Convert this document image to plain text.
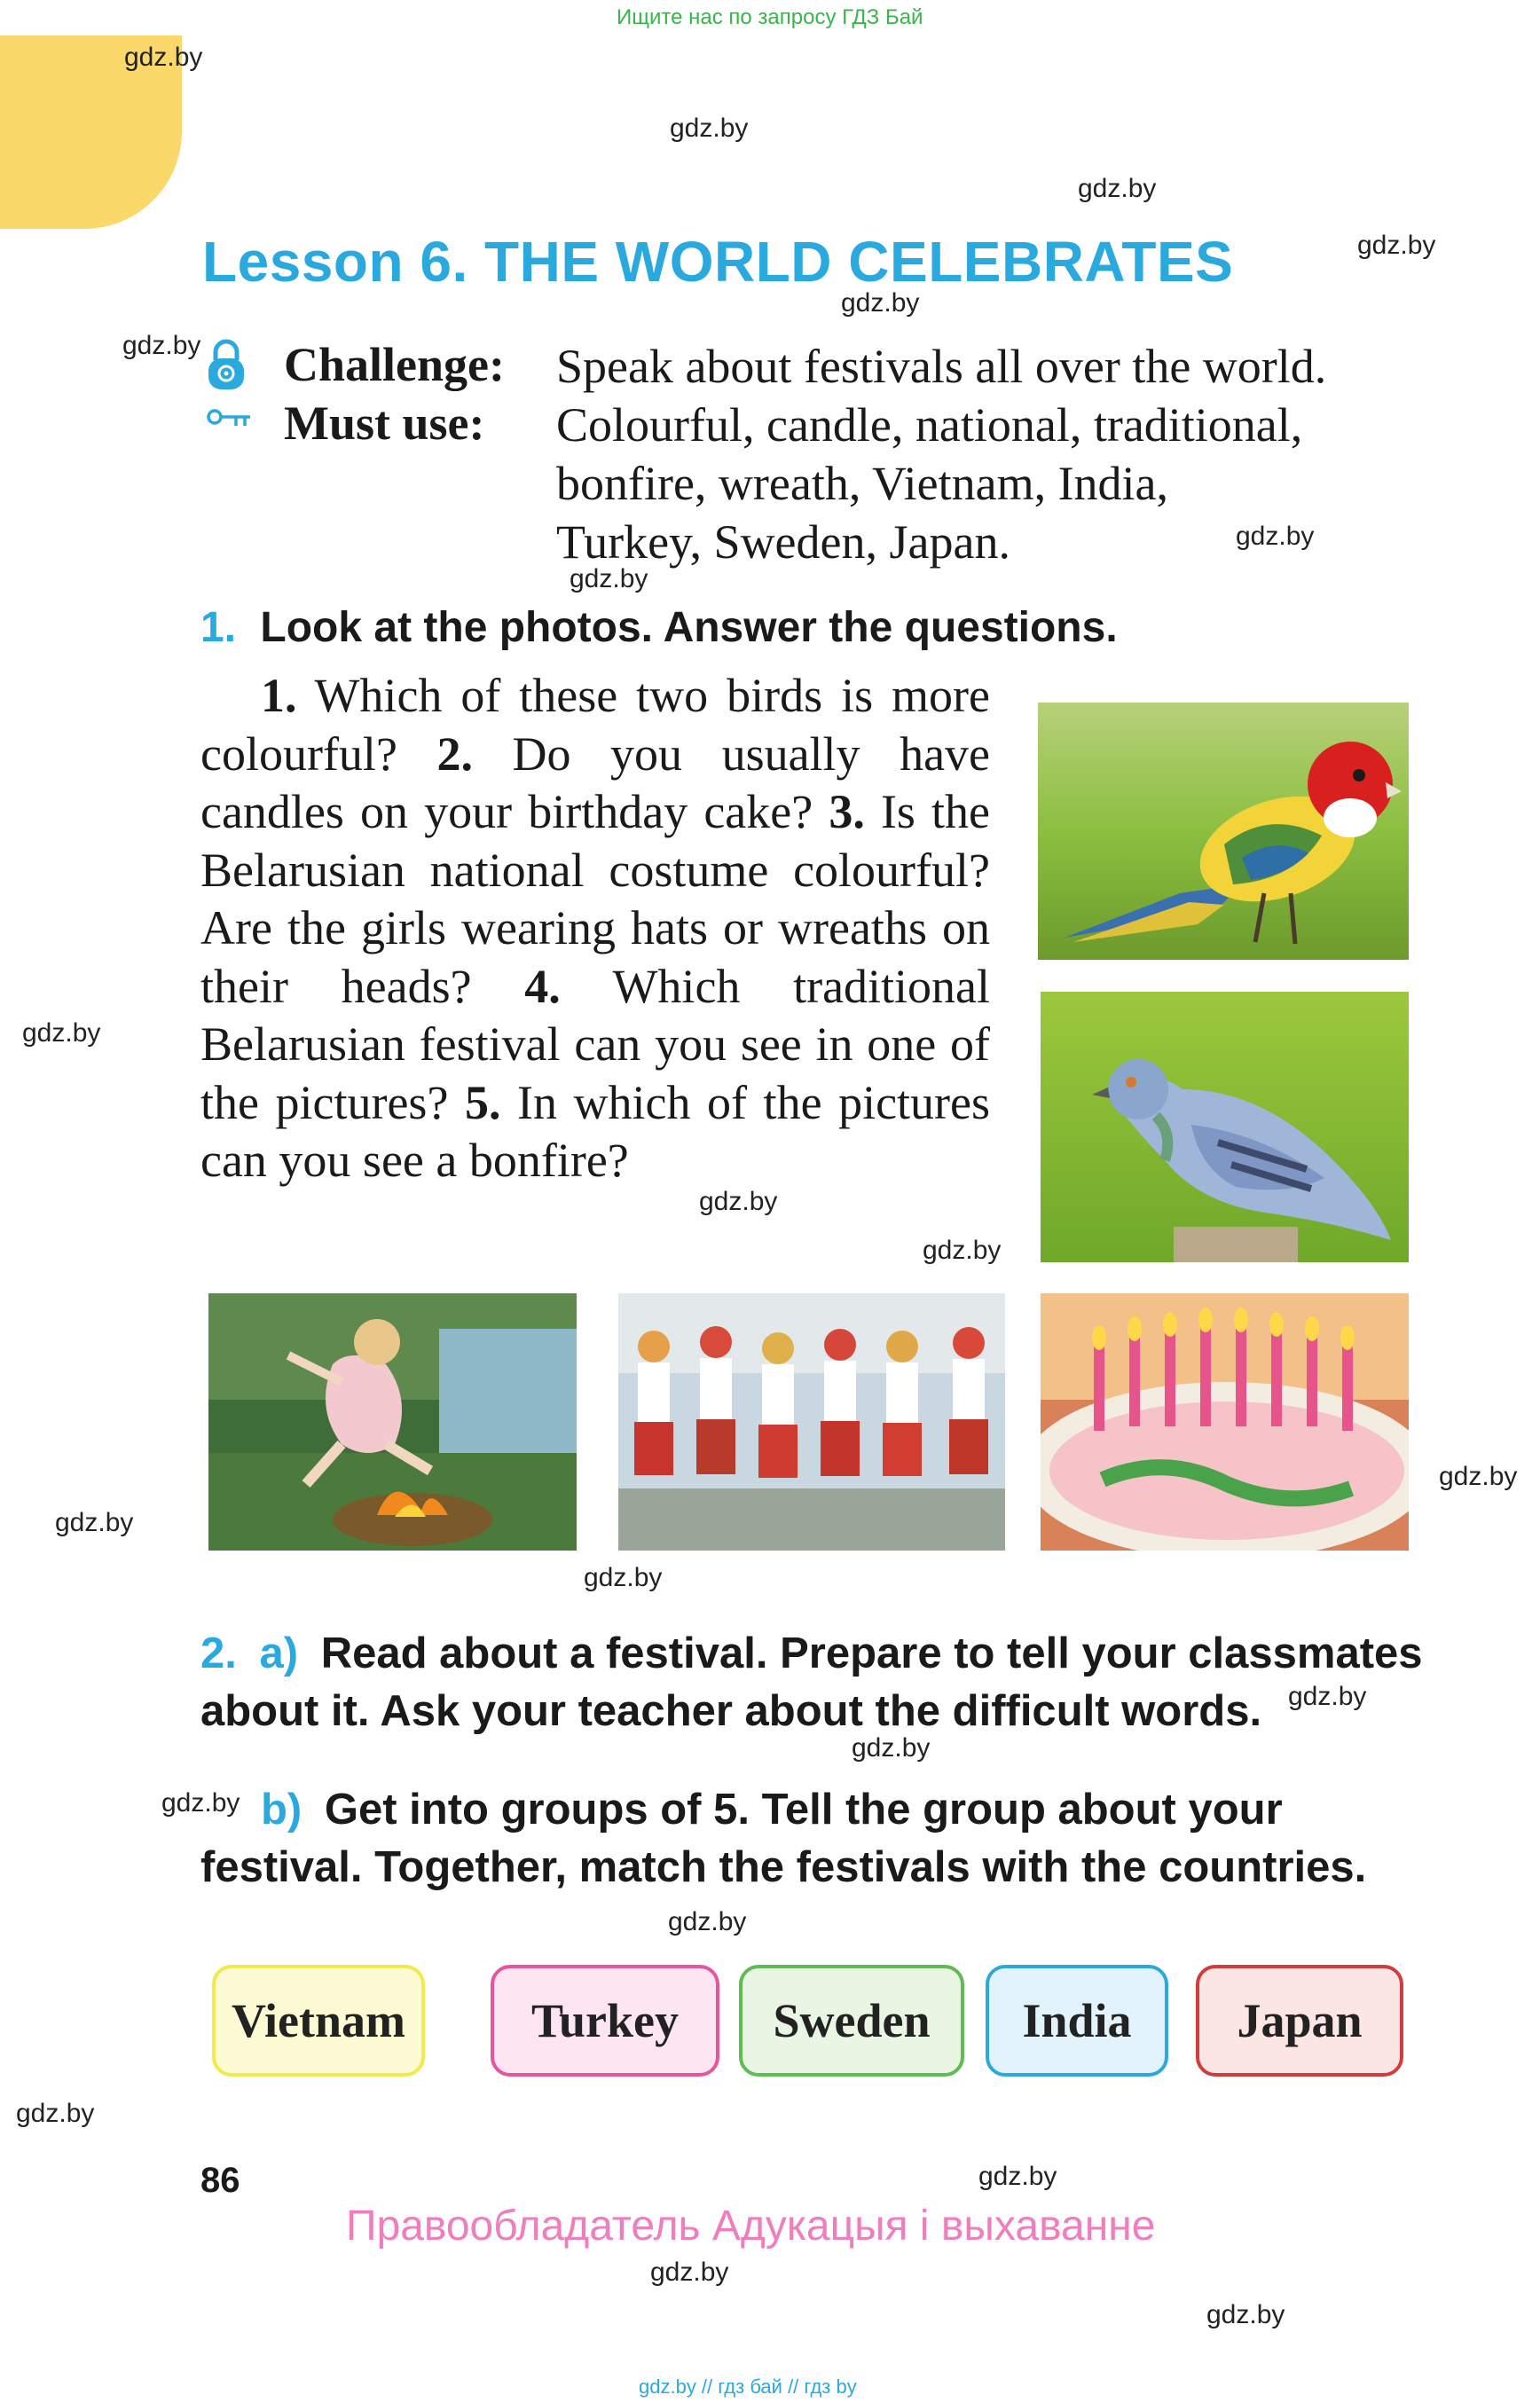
Ищите нас по запросу ГДЗ Бай
gdz.by
gdz.by
gdz.by
gdz.by
gdz.by
gdz.by
gdz.by
gdz.by
gdz.by
gdz.by
gdz.by
gdz.by
gdz.by
gdz.by
gdz.by
gdz.by
gdz.by
gdz.by
gdz.by
gdz.by
gdz.by
gdz.by
Lesson 6. THE WORLD CELEBRATES
Challenge: Speak about festivals all over the world.
Must use: Colourful, candle, national, traditional,
bonfire, wreath, Vietnam, India,
Turkey, Sweden, Japan.
1. Look at the photos. Answer the questions.
1. Which of these two birds is more colourful? 2. Do you usually have candles on your birthday cake? 3. Is the Belarusian national costume colourful? Are the girls wearing hats or wreaths on their heads? 4. Which traditional Belarusian festival can you see in one of the pictures? 5. In which of the pictures can you see a bonfire?
2. a) Read about a festival. Prepare to tell your classmates
about it. Ask your teacher about the difficult words.
b) Get into groups of 5. Tell the group about your
festival. Together, match the festivals with the countries.
Vietnam	Turkey	Sweden	India	Japan
86
Правообладатель Адукацыя і выхаванне
gdz.by // гдз бай // гдз by
